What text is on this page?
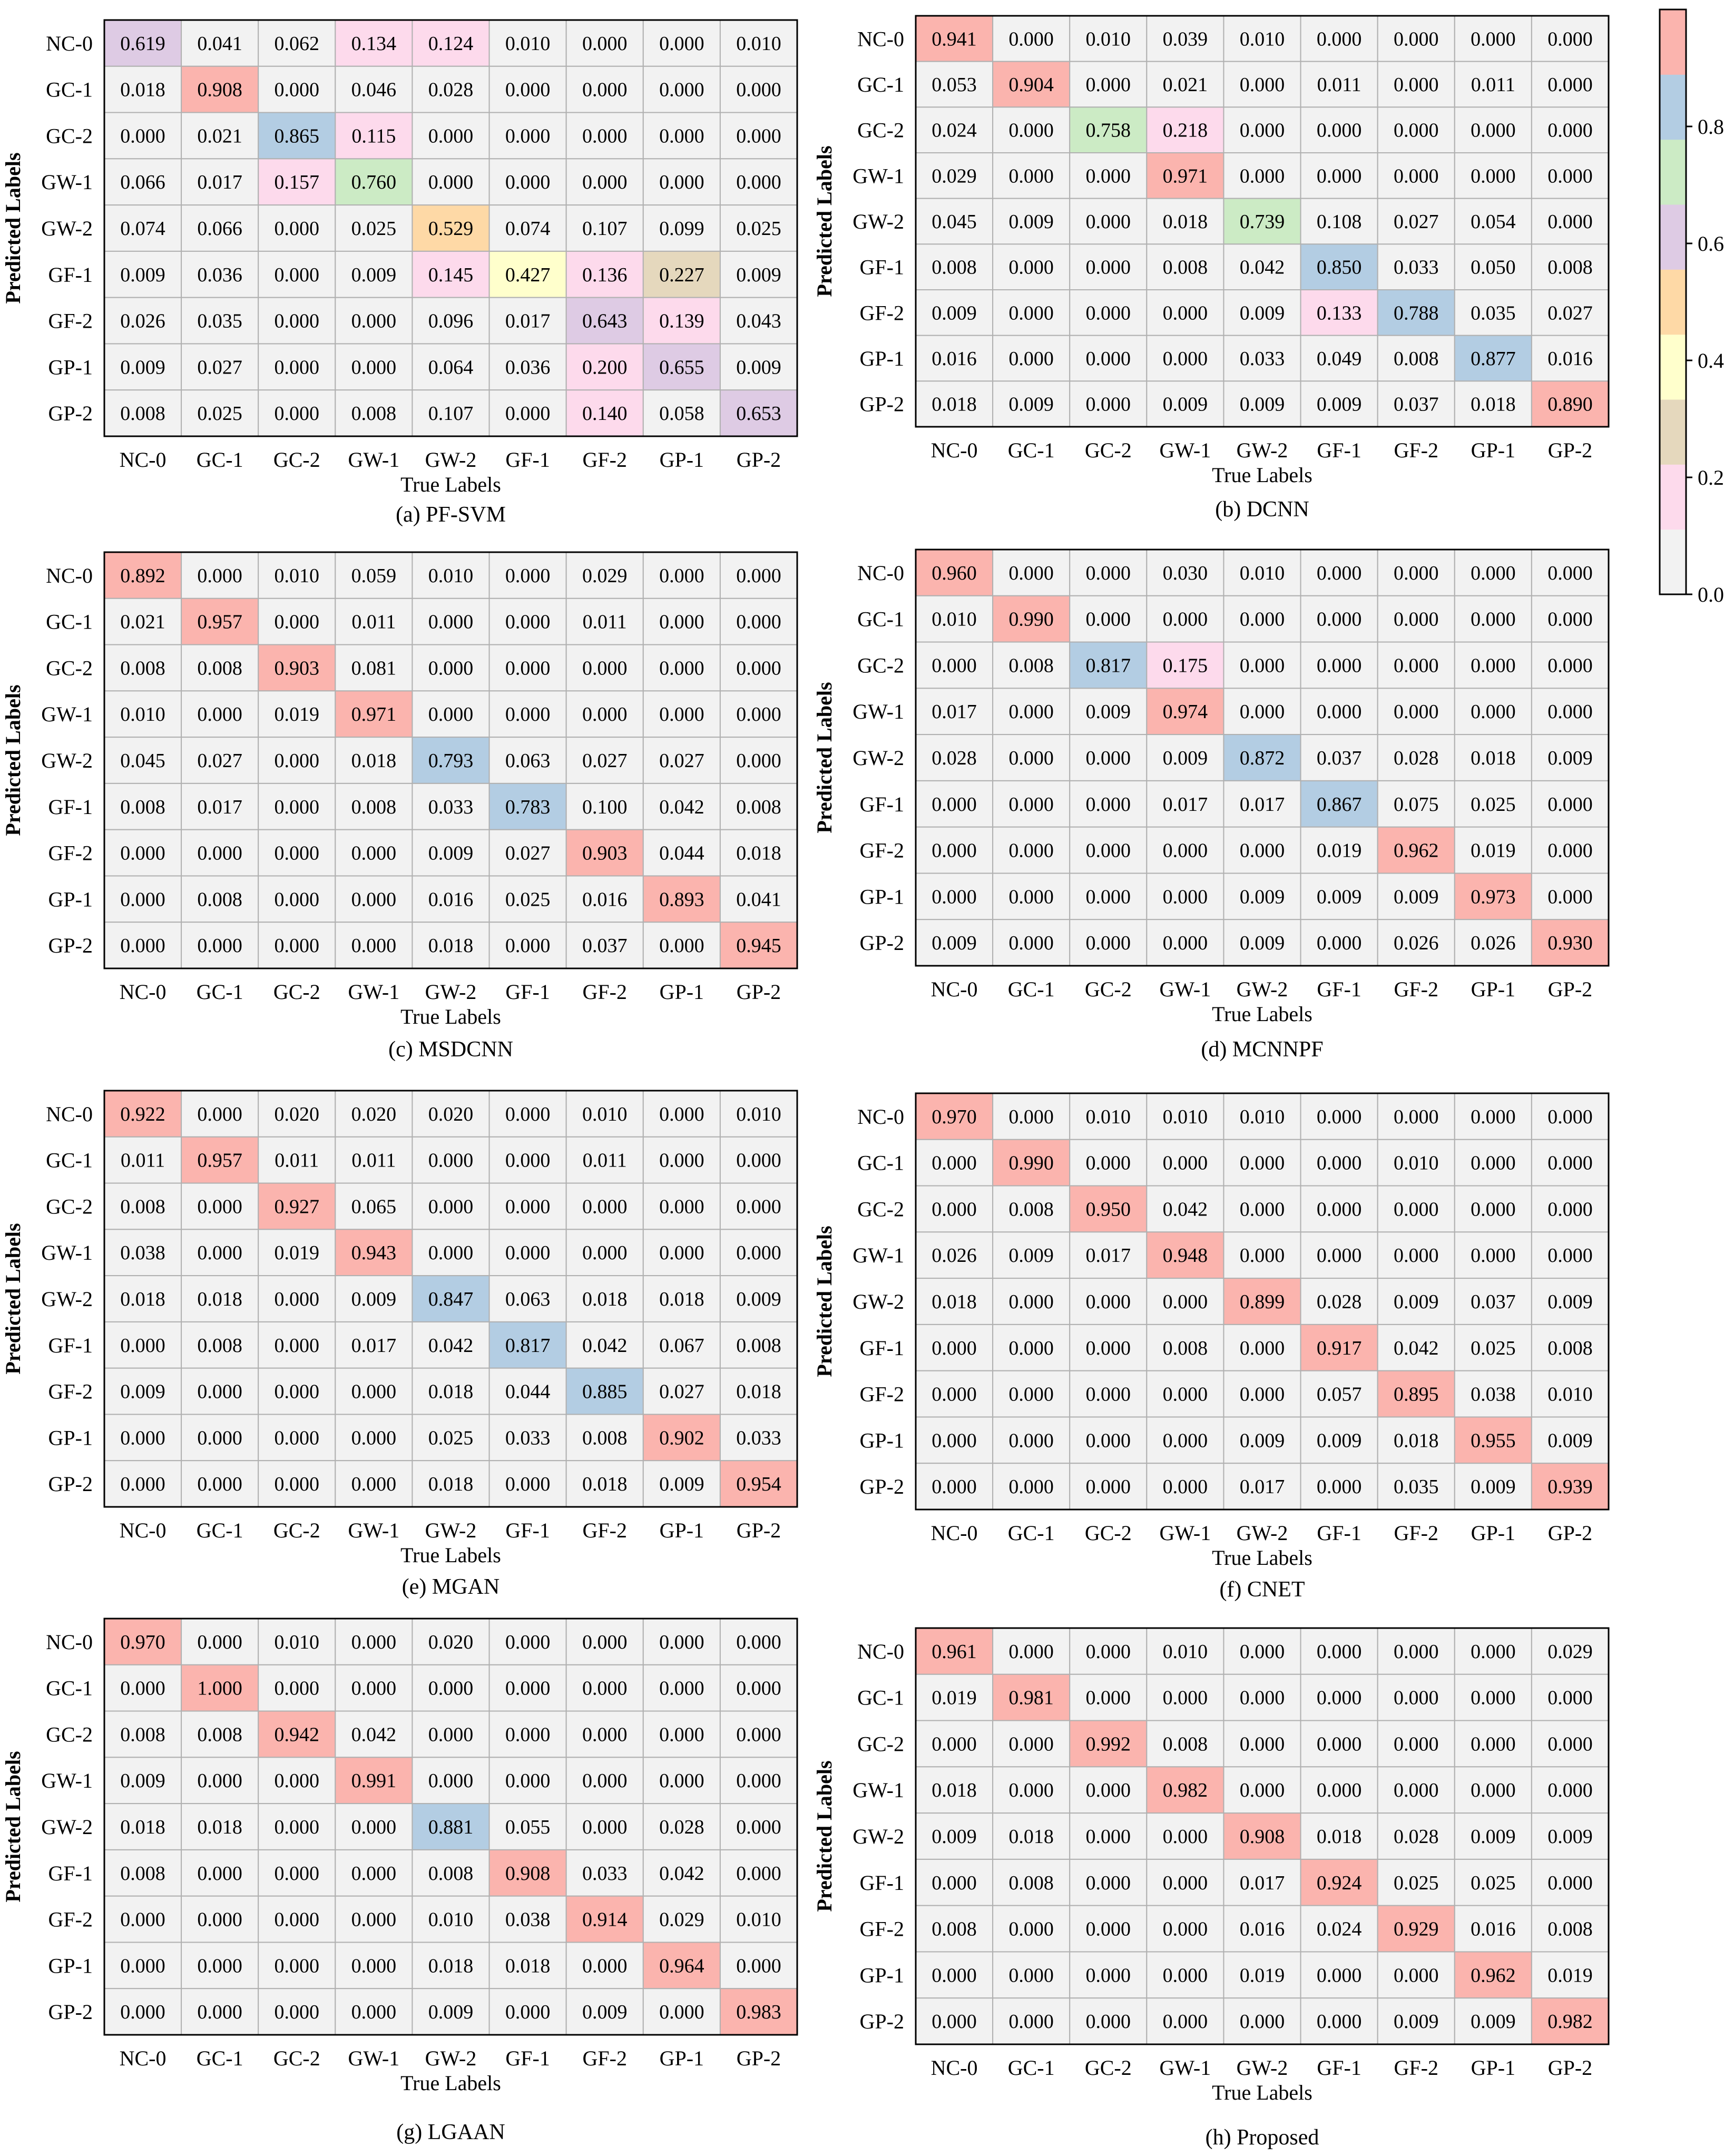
0.619 0.041 0.062 0.134 0.124 0.010 0.000 0.000 0.010
0.018 0.908 0.000 0.046 0.028 0.000 0.000 0.000 0.000
0.000 0.021 0.865 0.115 0.000 0.000 0.000 0.000 0.000
0.066 0.017 0.157 0.760 0.000 0.000 0.000 0.000 0.000
0.074 0.066 0.000 0.025 0.529 0.074 0.107 0.099 0.025
0.009 0.036 0.000 0.009 0.145 0.427 0.136 0.227 0.009
0.026 0.035 0.000 0.000 0.096 0.017 0.643 0.139 0.043
0.009 0.027 0.000 0.000 0.064 0.036 0.200 0.655 0.009
0.008 0.025 0.000 0.008 0.107 0.000 0.140 0.058 0.653
NC-0
GC-1
GC-2
GW-1
GW-2
GF-1
GF-2
GP-1
GP-2
NC-0 GC-1 GC-2 GW-1 GW-2 GF-1 GF-2 GP-1 GP-2
True Labels
Predicted Labels
(a) PF-SVM
0.941 0.000 0.010 0.039 0.010 0.000 0.000 0.000 0.000
0.053 0.904 0.000 0.021 0.000 0.011 0.000 0.011 0.000
0.024 0.000 0.758 0.218 0.000 0.000 0.000 0.000 0.000
0.029 0.000 0.000 0.971 0.000 0.000 0.000 0.000 0.000
0.045 0.009 0.000 0.018 0.739 0.108 0.027 0.054 0.000
0.008 0.000 0.000 0.008 0.042 0.850 0.033 0.050 0.008
0.009 0.000 0.000 0.000 0.009 0.133 0.788 0.035 0.027
0.016 0.000 0.000 0.000 0.033 0.049 0.008 0.877 0.016
0.018 0.009 0.000 0.009 0.009 0.009 0.037 0.018 0.890
NC-0
GC-1
GC-2
GW-1
GW-2
GF-1
GF-2
GP-1
GP-2
NC-0 GC-1 GC-2 GW-1 GW-2 GF-1 GF-2 GP-1 GP-2
True Labels
Predicted Labels
(b) DCNN
0.892 0.000 0.010 0.059 0.010 0.000 0.029 0.000 0.000
0.021 0.957 0.000 0.011 0.000 0.000 0.011 0.000 0.000
0.008 0.008 0.903 0.081 0.000 0.000 0.000 0.000 0.000
0.010 0.000 0.019 0.971 0.000 0.000 0.000 0.000 0.000
0.045 0.027 0.000 0.018 0.793 0.063 0.027 0.027 0.000
0.008 0.017 0.000 0.008 0.033 0.783 0.100 0.042 0.008
0.000 0.000 0.000 0.000 0.009 0.027 0.903 0.044 0.018
0.000 0.008 0.000 0.000 0.016 0.025 0.016 0.893 0.041
0.000 0.000 0.000 0.000 0.018 0.000 0.037 0.000 0.945
NC-0
GC-1
GC-2
GW-1
GW-2
GF-1
GF-2
GP-1
GP-2
NC-0 GC-1 GC-2 GW-1 GW-2 GF-1 GF-2 GP-1 GP-2
True Labels
Predicted Labels
(c) MSDCNN
0.960 0.000 0.000 0.030 0.010 0.000 0.000 0.000 0.000
0.010 0.990 0.000 0.000 0.000 0.000 0.000 0.000 0.000
0.000 0.008 0.817 0.175 0.000 0.000 0.000 0.000 0.000
0.017 0.000 0.009 0.974 0.000 0.000 0.000 0.000 0.000
0.028 0.000 0.000 0.009 0.872 0.037 0.028 0.018 0.009
0.000 0.000 0.000 0.017 0.017 0.867 0.075 0.025 0.000
0.000 0.000 0.000 0.000 0.000 0.019 0.962 0.019 0.000
0.000 0.000 0.000 0.000 0.009 0.009 0.009 0.973 0.000
0.009 0.000 0.000 0.000 0.009 0.000 0.026 0.026 0.930
NC-0
GC-1
GC-2
GW-1
GW-2
GF-1
GF-2
GP-1
GP-2
NC-0 GC-1 GC-2 GW-1 GW-2 GF-1 GF-2 GP-1 GP-2
True Labels
Predicted Labels
(d) MCNNPF
0.922 0.000 0.020 0.020 0.020 0.000 0.010 0.000 0.010
0.011 0.957 0.011 0.011 0.000 0.000 0.011 0.000 0.000
0.008 0.000 0.927 0.065 0.000 0.000 0.000 0.000 0.000
0.038 0.000 0.019 0.943 0.000 0.000 0.000 0.000 0.000
0.018 0.018 0.000 0.009 0.847 0.063 0.018 0.018 0.009
0.000 0.008 0.000 0.017 0.042 0.817 0.042 0.067 0.008
0.009 0.000 0.000 0.000 0.018 0.044 0.885 0.027 0.018
0.000 0.000 0.000 0.000 0.025 0.033 0.008 0.902 0.033
0.000 0.000 0.000 0.000 0.018 0.000 0.018 0.009 0.954
NC-0
GC-1
GC-2
GW-1
GW-2
GF-1
GF-2
GP-1
GP-2
NC-0 GC-1 GC-2 GW-1 GW-2 GF-1 GF-2 GP-1 GP-2
True Labels
Predicted Labels
(e) MGAN
0.970 0.000 0.010 0.010 0.010 0.000 0.000 0.000 0.000
0.000 0.990 0.000 0.000 0.000 0.000 0.010 0.000 0.000
0.000 0.008 0.950 0.042 0.000 0.000 0.000 0.000 0.000
0.026 0.009 0.017 0.948 0.000 0.000 0.000 0.000 0.000
0.018 0.000 0.000 0.000 0.899 0.028 0.009 0.037 0.009
0.000 0.000 0.000 0.008 0.000 0.917 0.042 0.025 0.008
0.000 0.000 0.000 0.000 0.000 0.057 0.895 0.038 0.010
0.000 0.000 0.000 0.000 0.009 0.009 0.018 0.955 0.009
0.000 0.000 0.000 0.000 0.017 0.000 0.035 0.009 0.939
NC-0
GC-1
GC-2
GW-1
GW-2
GF-1
GF-2
GP-1
GP-2
NC-0 GC-1 GC-2 GW-1 GW-2 GF-1 GF-2 GP-1 GP-2
True Labels
Predicted Labels
(f) CNET
0.970 0.000 0.010 0.000 0.020 0.000 0.000 0.000 0.000
0.000 1.000 0.000 0.000 0.000 0.000 0.000 0.000 0.000
0.008 0.008 0.942 0.042 0.000 0.000 0.000 0.000 0.000
0.009 0.000 0.000 0.991 0.000 0.000 0.000 0.000 0.000
0.018 0.018 0.000 0.000 0.881 0.055 0.000 0.028 0.000
0.008 0.000 0.000 0.000 0.008 0.908 0.033 0.042 0.000
0.000 0.000 0.000 0.000 0.010 0.038 0.914 0.029 0.010
0.000 0.000 0.000 0.000 0.018 0.018 0.000 0.964 0.000
0.000 0.000 0.000 0.000 0.009 0.000 0.009 0.000 0.983
NC-0
GC-1
GC-2
GW-1
GW-2
GF-1
GF-2
GP-1
GP-2
NC-0 GC-1 GC-2 GW-1 GW-2 GF-1 GF-2 GP-1 GP-2
True Labels
Predicted Labels
(g) LGAAN
0.961 0.000 0.000 0.010 0.000 0.000 0.000 0.000 0.029
0.019 0.981 0.000 0.000 0.000 0.000 0.000 0.000 0.000
0.000 0.000 0.992 0.008 0.000 0.000 0.000 0.000 0.000
0.018 0.000 0.000 0.982 0.000 0.000 0.000 0.000 0.000
0.009 0.018 0.000 0.000 0.908 0.018 0.028 0.009 0.009
0.000 0.008 0.000 0.000 0.017 0.924 0.025 0.025 0.000
0.008 0.000 0.000 0.000 0.016 0.024 0.929 0.016 0.008
0.000 0.000 0.000 0.000 0.019 0.000 0.000 0.962 0.019
0.000 0.000 0.000 0.000 0.000 0.000 0.009 0.009 0.982
NC-0
GC-1
GC-2
GW-1
GW-2
GF-1
GF-2
GP-1
GP-2
NC-0 GC-1 GC-2 GW-1 GW-2 GF-1 GF-2 GP-1 GP-2
True Labels
Predicted Labels
(h) Proposed
0.0
0.2
0.4
0.6
0.8
